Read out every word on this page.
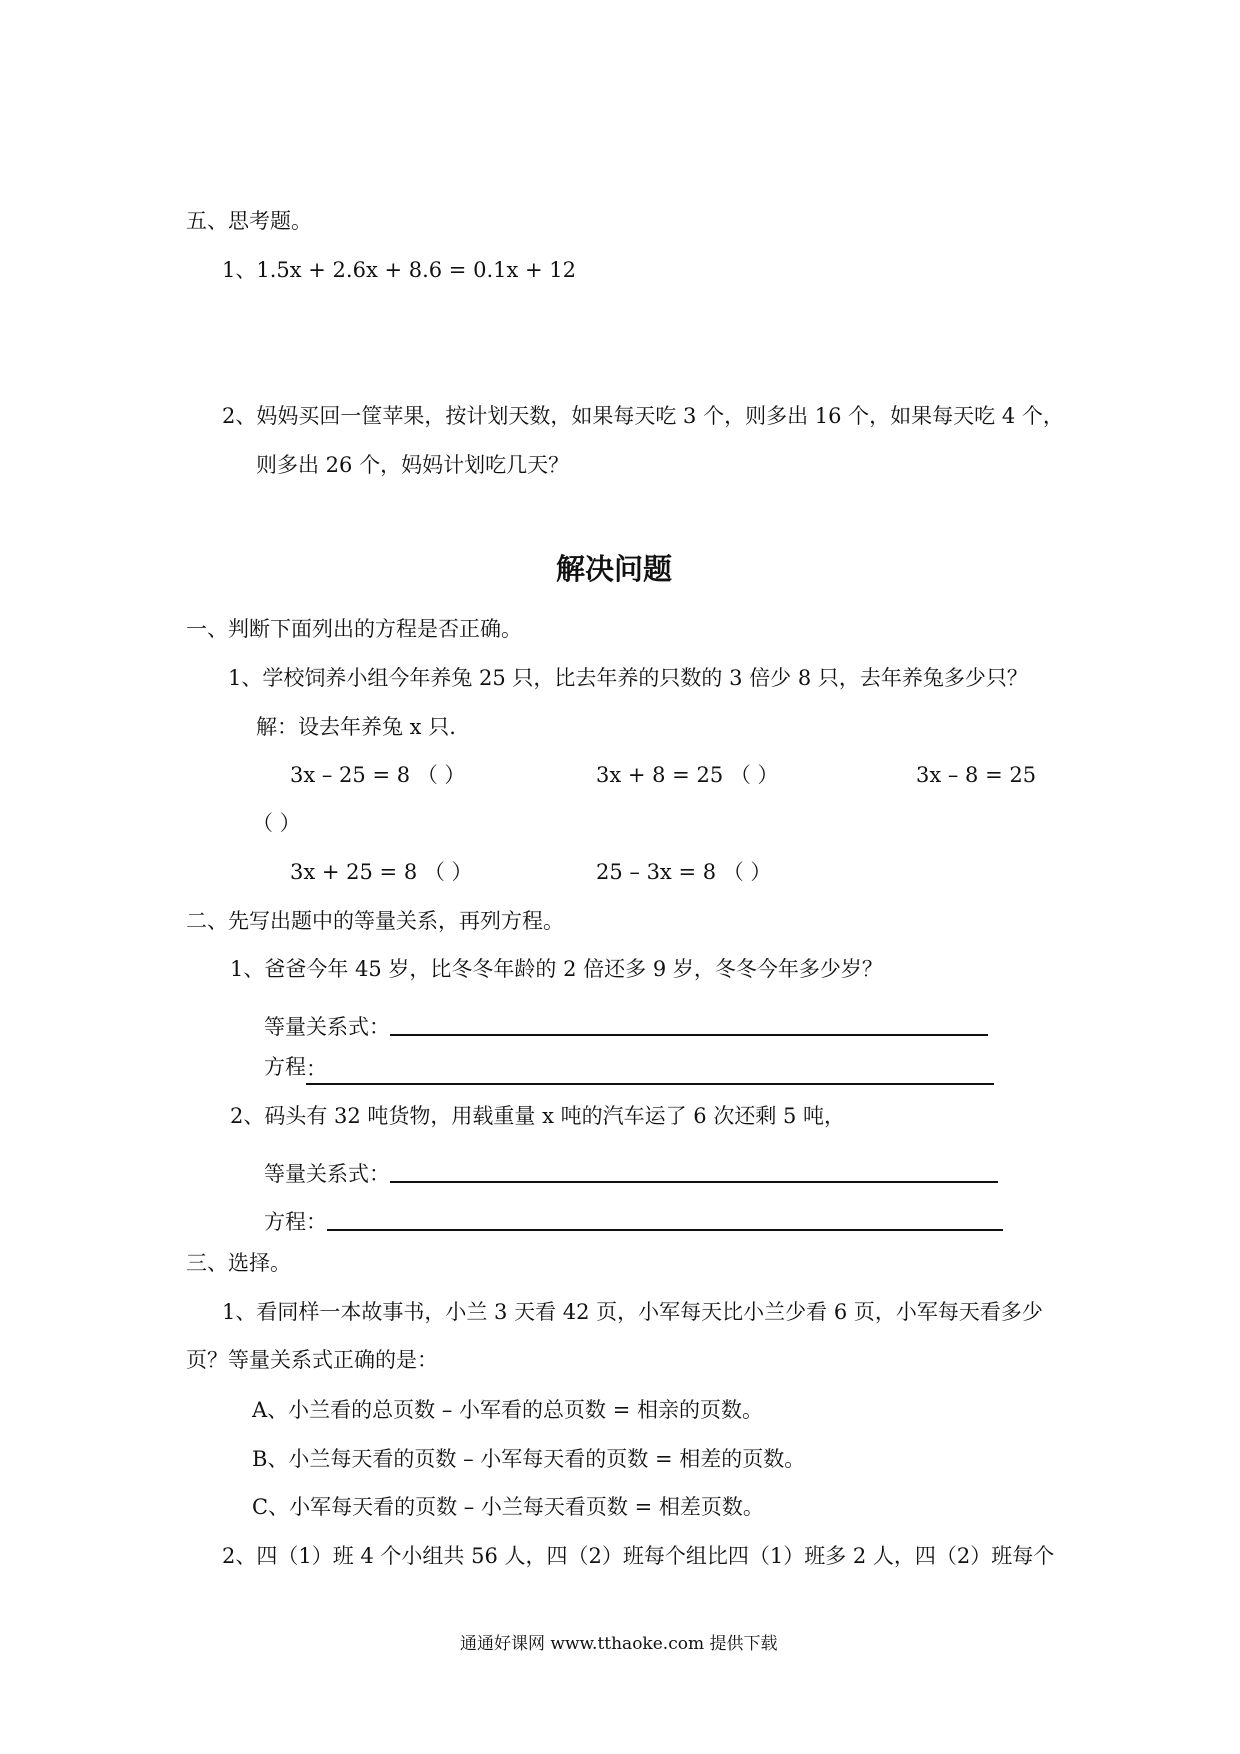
五、思考题。
1、1.5x + 2.6x + 8.6 = 0.1x + 12
2、妈妈买回一筐苹果，按计划天数，如果每天吃 3 个，则多出 16 个，如果每天吃 4 个，
则多出 26 个，妈妈计划吃几天？
解决问题
一、判断下面列出的方程是否正确。
1、学校饲养小组今年养兔 25 只，比去年养的只数的 3 倍少 8 只，去年养兔多少只？
解：设去年养兔 x 只.
3x – 25 = 8 （ ）	3x + 8 = 25 （ ）	3x – 8 = 25
（ ）
3x + 25 = 8 （ ）	25 – 3x = 8 （ ）
二、先写出题中的等量关系，再列方程。
1、爸爸今年 45 岁，比冬冬年龄的 2 倍还多 9 岁，冬冬今年多少岁？
等量关系式：
方程：
2、码头有 32 吨货物，用载重量 x 吨的汽车运了 6 次还剩 5 吨，
等量关系式：
方程：
三、选择。
1、看同样一本故事书，小兰 3 天看 42 页，小军每天比小兰少看 6 页，小军每天看多少
页？等量关系式正确的是：
A、小兰看的总页数 – 小军看的总页数 = 相亲的页数。
B、小兰每天看的页数 – 小军每天看的页数 = 相差的页数。
C、小军每天看的页数 – 小兰每天看页数 = 相差页数。
2、四（1）班 4 个小组共 56 人，四（2）班每个组比四（1）班多 2 人，四（2）班每个
通通好课网 www.tthaoke.com 提供下载
